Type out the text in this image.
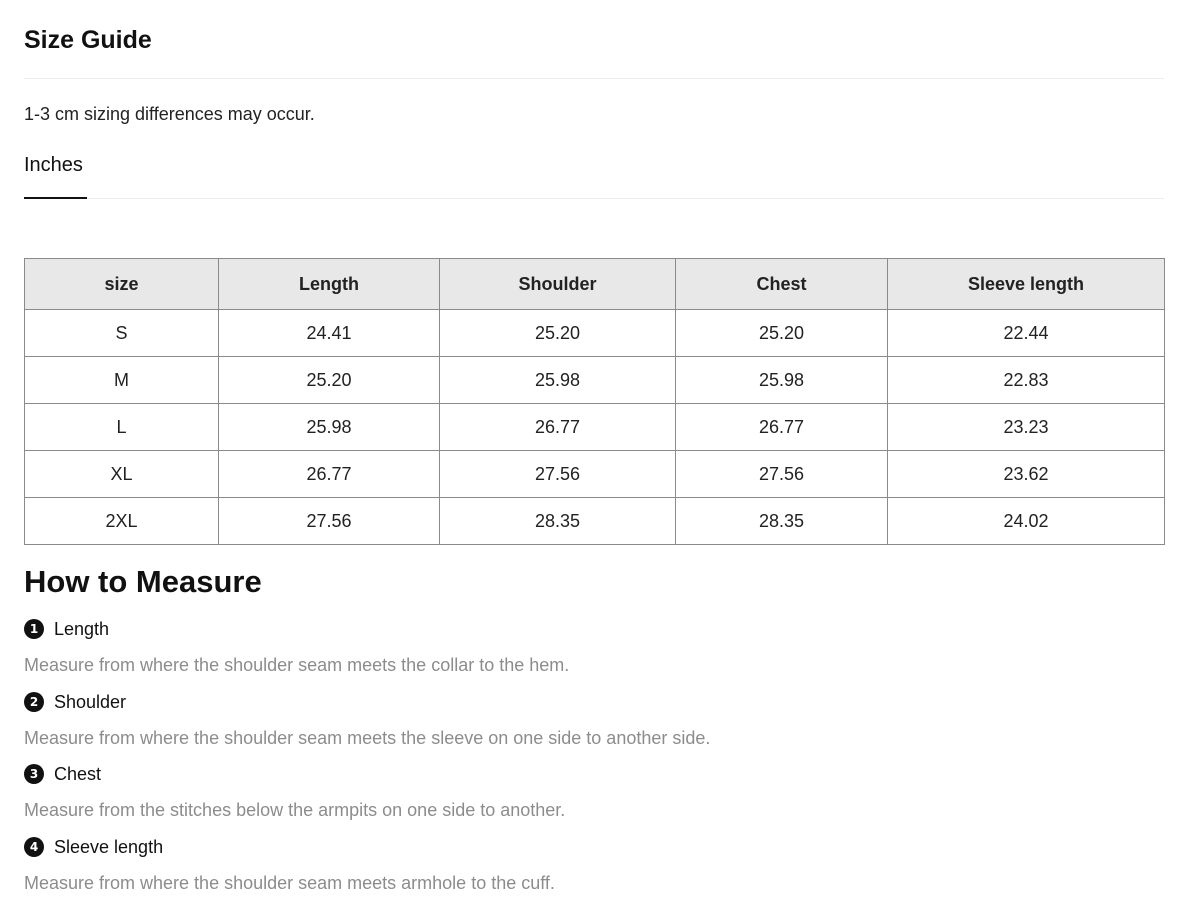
Size Guide
1-3 cm sizing differences may occur.
Inches
size	Length	Shoulder	Chest	Sleeve length
S	24.41	25.20	25.20	22.44
M	25.20	25.98	25.98	22.83
L	25.98	26.77	26.77	23.23
XL	26.77	27.56	27.56	23.62
2XL	27.56	28.35	28.35	24.02
How to Measure
1 Length
Measure from where the shoulder seam meets the collar to the hem.
2 Shoulder
Measure from where the shoulder seam meets the sleeve on one side to another side.
3 Chest
Measure from the stitches below the armpits on one side to another.
4 Sleeve length
Measure from where the shoulder seam meets armhole to the cuff.
